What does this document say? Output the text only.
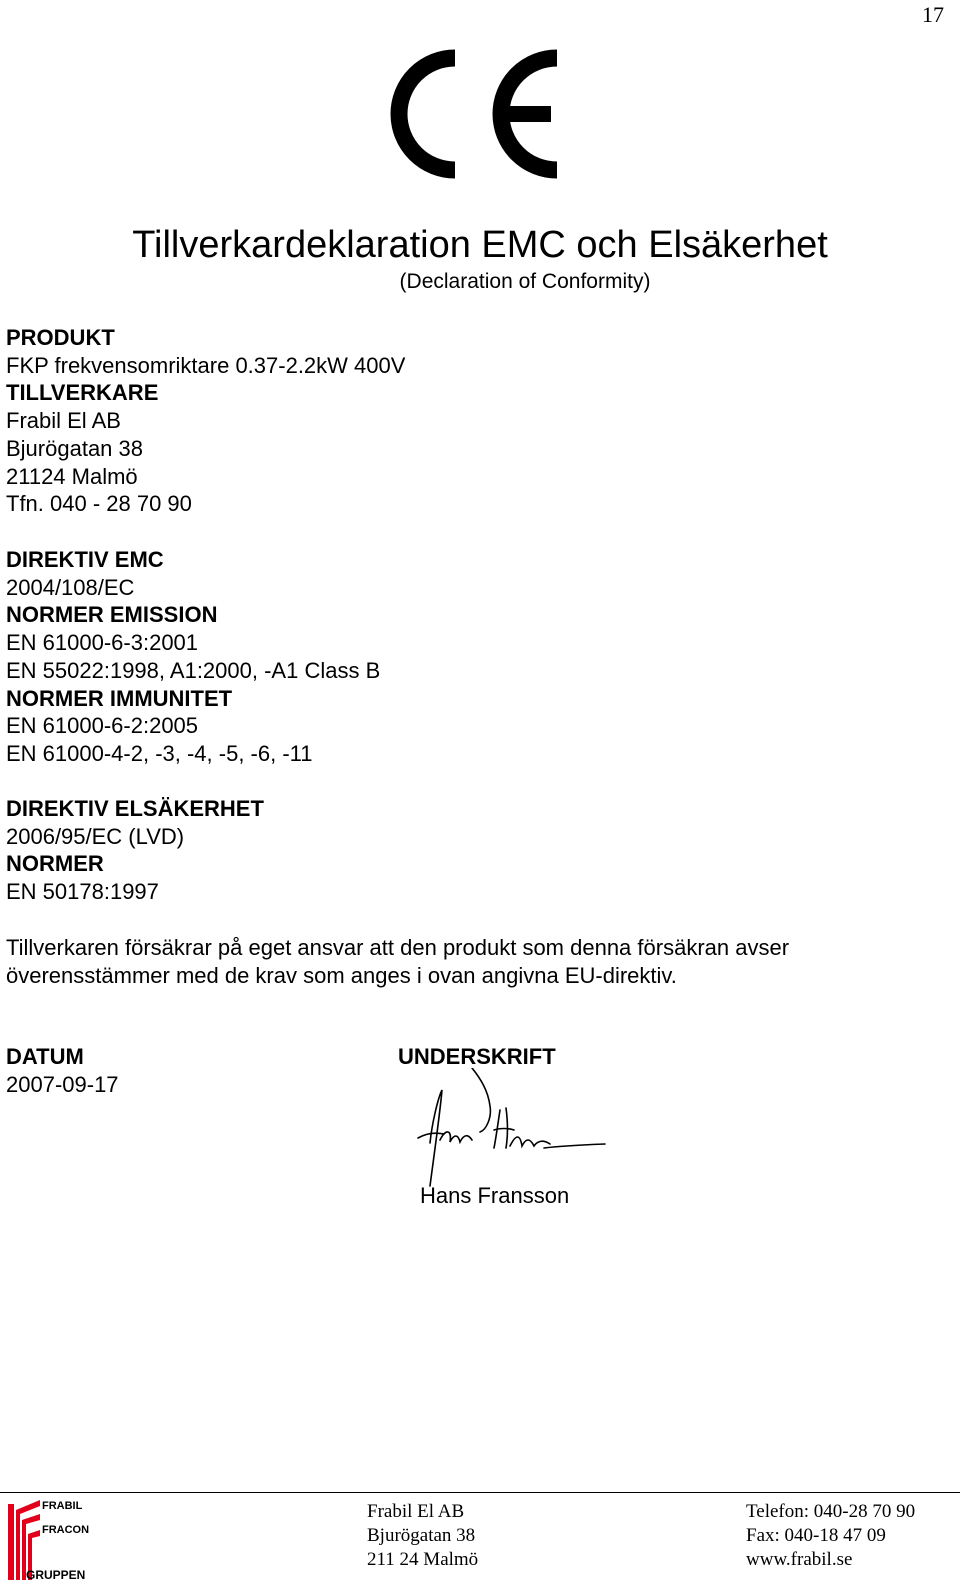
17
Tillverkardeklaration EMC och Elsäkerhet
(Declaration of Conformity)
PRODUKT
FKP frekvensomriktare 0.37-2.2kW 400V
TILLVERKARE
Frabil El AB
Bjurögatan 38
21124 Malmö
Tfn. 040 - 28 70 90
DIREKTIV EMC
2004/108/EC
NORMER EMISSION
EN 61000-6-3:2001
EN 55022:1998, A1:2000, -A1 Class B
NORMER IMMUNITET
EN 61000-6-2:2005
EN 61000-4-2, -3, -4, -5, -6, -11
DIREKTIV ELSÄKERHET
2006/95/EC (LVD)
NORMER
EN 50178:1997
Tillverkaren försäkrar på eget ansvar att den produkt som denna försäkran avser
överensstämmer med de krav som anges i ovan angivna EU-direktiv.
DATUM
2007-09-17
UNDERSKRIFT
Hans Fransson
FRABIL
FRACON
GRUPPEN
Frabil El AB
Bjurögatan 38
211 24 Malmö
Telefon: 040-28 70 90
Fax: 040-18 47 09
www.frabil.se
